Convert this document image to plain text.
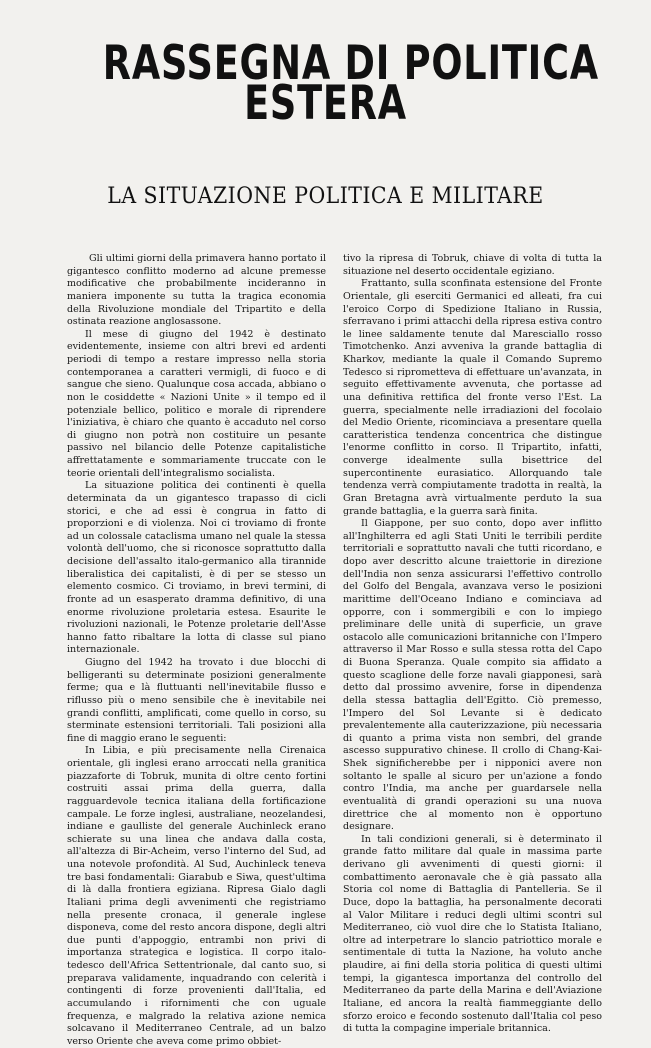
RASSEGNA DI POLITICA
ESTERA
LA SITUAZIONE POLITICA E MILITARE

Gli ultimi giorni della primavera hanno portato il gigantesco conflitto moderno ad alcune premesse modificative che probabilmente incideranno in maniera imponente su tutta la tragica economia della Rivoluzione mondiale del Tripartito e della ostinata reazione anglosassone.

Il mese di giugno del 1942 è destinato evidentemente, insieme con altri brevi ed ardenti periodi di tempo a restare impresso nella storia contemporanea a caratteri vermigli, di fuoco e di sangue che sieno. Qualunque cosa accada, abbiano o non le cosiddette « Nazioni Unite » il tempo ed il potenziale bellico, politico e morale di riprendere l'iniziativa, è chiaro che quanto è accaduto nel corso di giugno non potrà non costituire un pesante passivo nel bilancio delle Potenze capitalistiche affrettatamente e sommariamente truccate con le teorie orientali dell'integralismo socialista.

La situazione politica dei continenti è quella determinata da un gigantesco trapasso di cicli storici, e che ad essi è congrua in fatto di proporzioni e di violenza. Noi ci troviamo di fronte ad un colossale cataclisma umano nel quale la stessa volontà dell'uomo, che si riconosce soprattutto dalla decisione dell'assalto italo-germanico alla tirannide liberalistica dei capitalisti, è di per se stesso un elemento cosmico. Ci troviamo, in brevi termini, di fronte ad un esasperato dramma definitivo, di una enorme rivoluzione proletaria estesa. Esaurite le rivoluzioni nazionali, le Potenze proletarie dell'Asse hanno fatto ribaltare la lotta di classe sul piano internazionale.

Giugno del 1942 ha trovato i due blocchi di belligeranti su determinate posizioni generalmente ferme; qua e là fluttuanti nell'inevitabile flusso e riflusso più o meno sensibile che è inevitabile nei grandi conflitti, amplificati, come quello in corso, su sterminate estensioni territoriali. Tali posizioni alla fine di maggio erano le seguenti:

In Libia, e più precisamente nella Cirenaica orientale, gli inglesi erano arroccati nella granitica piazzaforte di Tobruk, munita di oltre cento fortini costruiti assai prima della guerra, dalla ragguardevole tecnica italiana della fortificazione campale. Le forze inglesi, australiane, neozelandesi, indiane e gaulliste del generale Auchinleck erano schierate su una linea che andava dalla costa, all'altezza di Bir-Acheim, verso l'interno del Sud, ad una notevole profondità. Al Sud, Auchinleck teneva tre basi fondamentali: Giarabub e Siwa, quest'ultima di là dalla frontiera egiziana. Ripresa Gialo dagli Italiani prima degli avvenimenti che registriamo nella presente cronaca, il generale inglese disponeva, come del resto ancora dispone, degli altri due punti d'appoggio, entrambi non privi di importanza strategica e logistica. Il corpo italo-tedesco dell'Africa Settentrionale, dal canto suo, si preparava validamente, inquadrando con celerità i contingenti di forze provenienti dall'Italia, ed accumulando i rifornimenti che con uguale frequenza, e malgrado la relativa azione nemica solcavano il Mediterraneo Centrale, ad un balzo verso Oriente che aveva come primo obbiet-

tivo la ripresa di Tobruk, chiave di volta di tutta la situazione nel deserto occidentale egiziano.

Frattanto, sulla sconfinata estensione del Fronte Orientale, gli eserciti Germanici ed alleati, fra cui l'eroico Corpo di Spedizione Italiano in Russia, sferravano i primi attacchi della ripresa estiva contro le linee saldamente tenute dal Maresciallo rosso Timotchenko. Anzi avveniva la grande battaglia di Kharkov, mediante la quale il Comando Supremo Tedesco si riprometteva di effettuare un'avanzata, in seguito effettivamente avvenuta, che portasse ad una definitiva rettifica del fronte verso l'Est. La guerra, specialmente nelle irradiazioni del focolaio del Medio Oriente, ricominciava a presentare quella caratteristica tendenza concentrica che distingue l'enorme conflitto in corso. Il Tripartito, infatti, converge idealmente sulla bisettrice del supercontinente eurasiatico. Allorquando tale tendenza verrà compiutamente tradotta in realtà, la Gran Bretagna avrà virtualmente perduto la sua grande battaglia, e la guerra sarà finita.

Il Giappone, per suo conto, dopo aver inflitto all'Inghilterra ed agli Stati Uniti le terribili perdite territoriali e soprattutto navali che tutti ricordano, e dopo aver descritto alcune traiettorie in direzione dell'India non senza assicurarsi l'effettivo controllo del Golfo del Bengala, avanzava verso le posizioni marittime dell'Oceano Indiano e cominciava ad opporre, con i sommergibili e con lo impiego preliminare delle unità di superficie, un grave ostacolo alle comunicazioni britanniche con l'Impero attraverso il Mar Rosso e sulla stessa rotta del Capo di Buona Speranza. Quale compito sia affidato a questo scaglione delle forze navali giapponesi, sarà detto dal prossimo avvenire, forse in dipendenza della stessa battaglia dell'Egitto. Ciò premesso, l'Impero del Sol Levante si è dedicato prevalentemente alla cauterizzazione, più necessaria di quanto a prima vista non sembri, del grande ascesso suppurativo chinese. Il crollo di Chang-Kai-Shek significherebbe per i nipponici avere non soltanto le spalle al sicuro per un'azione a fondo contro l'India, ma anche per guardarsele nella eventualità di grandi operazioni su una nuova direttrice che al momento non è opportuno designare.

In tali condizioni generali, si è determinato il grande fatto militare dal quale in massima parte derivano gli avvenimenti di questi giorni: il combattimento aeronavale che è già passato alla Storia col nome di Battaglia di Pantelleria. Se il Duce, dopo la battaglia, ha personalmente decorati al Valor Militare i reduci degli ultimi scontri sul Mediterraneo, ciò vuol dire che lo Statista Italiano, oltre ad interpetrare lo slancio patriottico morale e sentimentale di tutta la Nazione, ha voluto anche plaudire, ai fini della storia politica di questi ultimi tempi, la gigantesca importanza del controllo del Mediterraneo da parte della Marina e dell'Aviazione Italiane, ed ancora la realtà fiammeggiante dello sforzo eroico e fecondo sostenuto dall'Italia col peso di tutta la compagine imperiale britannica.
